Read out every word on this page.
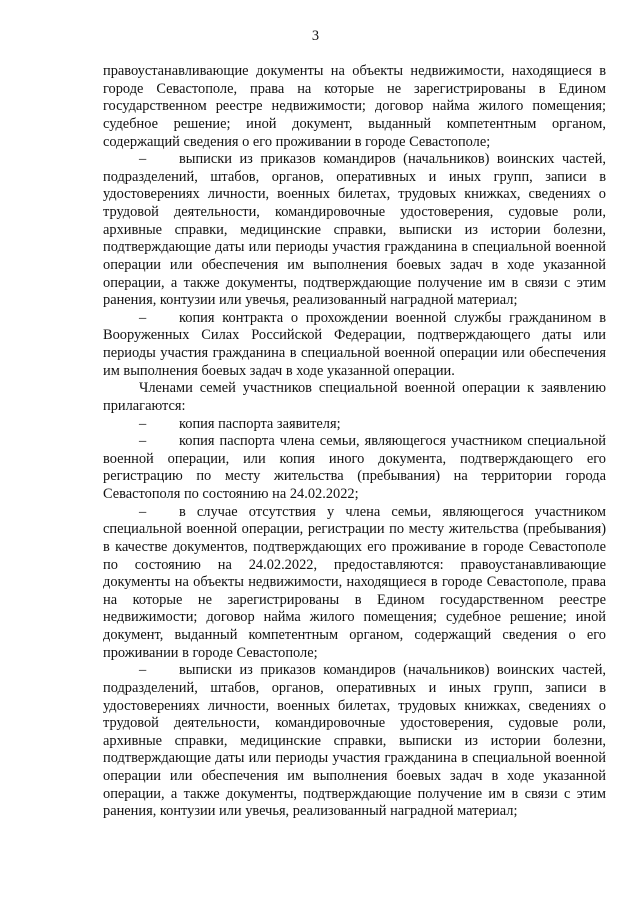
3

правоустанавливающие документы на объекты недвижимости, находящиеся в городе Севастополе, права на которые не зарегистрированы в Едином государственном реестре недвижимости; договор найма жилого помещения; судебное решение; иной документ, выданный компетентным органом, содержащий сведения о его проживании в городе Севастополе;

– выписки из приказов командиров (начальников) воинских частей, подразделений, штабов, органов, оперативных и иных групп, записи в удостоверениях личности, военных билетах, трудовых книжках, сведениях о трудовой деятельности, командировочные удостоверения, судовые роли, архивные справки, медицинские справки, выписки из истории болезни, подтверждающие даты или периоды участия гражданина в специальной военной операции или обеспечения им выполнения боевых задач в ходе указанной операции, а также документы, подтверждающие получение им в связи с этим ранения, контузии или увечья, реализованный наградной материал;

– копия контракта о прохождении военной службы гражданином в Вооруженных Силах Российской Федерации, подтверждающего даты или периоды участия гражданина в специальной военной операции или обеспечения им выполнения боевых задач в ходе указанной операции.

Членами семей участников специальной военной операции к заявлению прилагаются:

– копия паспорта заявителя;

– копия паспорта члена семьи, являющегося участником специальной военной операции, или копия иного документа, подтверждающего его регистрацию по месту жительства (пребывания) на территории города Севастополя по состоянию на 24.02.2022;

– в случае отсутствия у члена семьи, являющегося участником специальной военной операции, регистрации по месту жительства (пребывания) в качестве документов, подтверждающих его проживание в городе Севастополе по состоянию на 24.02.2022, предоставляются: правоустанавливающие документы на объекты недвижимости, находящиеся в городе Севастополе, права на которые не зарегистрированы в Едином государственном реестре недвижимости; договор найма жилого помещения; судебное решение; иной документ, выданный компетентным органом, содержащий сведения о его проживании в городе Севастополе;

– выписки из приказов командиров (начальников) воинских частей, подразделений, штабов, органов, оперативных и иных групп, записи в удостоверениях личности, военных билетах, трудовых книжках, сведениях о трудовой деятельности, командировочные удостоверения, судовые роли, архивные справки, медицинские справки, выписки из истории болезни, подтверждающие даты или периоды участия гражданина в специальной военной операции или обеспечения им выполнения боевых задач в ходе указанной операции, а также документы, подтверждающие получение им в связи с этим ранения, контузии или увечья, реализованный наградной материал;
